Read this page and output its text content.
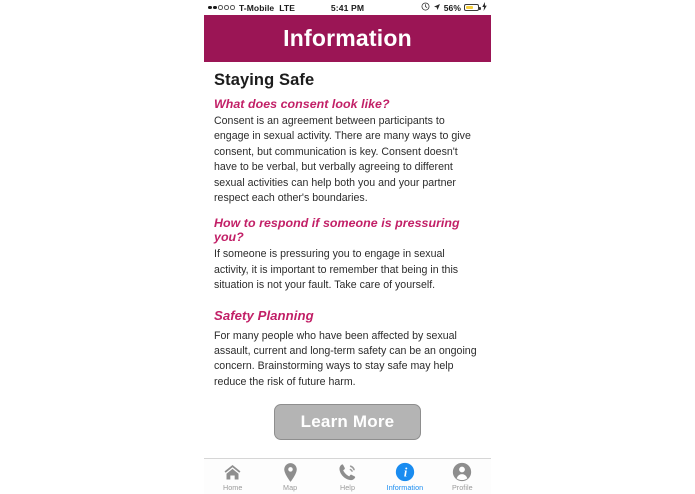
T-Mobile LTE	5:41 PM	56%
Information
Staying Safe
What does consent look like?

Consent is an agreement between participants to engage in sexual activity. There are many ways to give consent, but communication is key. Consent doesn't have to be verbal, but verbally agreeing to different sexual activities can help both you and your partner respect each other's boundaries.

How to respond if someone is pressuring you?

If someone is pressuring you to engage in sexual activity, it is important to remember that being in this situation is not your fault. Take care of yourself.

Safety Planning

For many people who have been affected by sexual assault, current and long-term safety can be an ongoing concern. Brainstorming ways to stay safe may help reduce the risk of future harm.

Learn More
Home	Map	Help
i
Information	Profile
